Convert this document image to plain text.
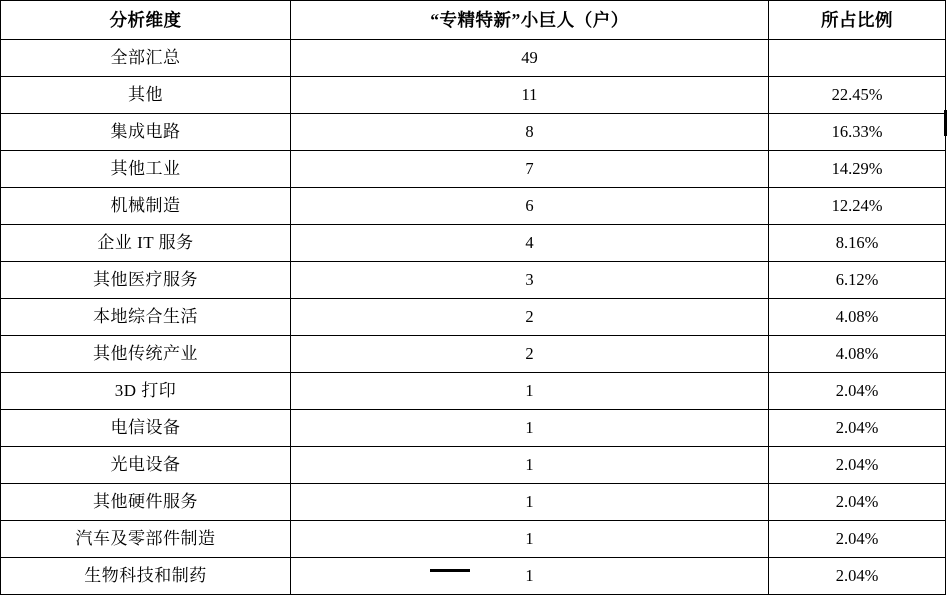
分析维度	“专精特新”小巨人（户）	所占比例
全部汇总	49	
其他	11	22.45%
集成电路	8	16.33%
其他工业	7	14.29%
机械制造	6	12.24%
企业 IT 服务	4	8.16%
其他医疗服务	3	6.12%
本地综合生活	2	4.08%
其他传统产业	2	4.08%
3D 打印	1	2.04%
电信设备	1	2.04%
光电设备	1	2.04%
其他硬件服务	1	2.04%
汽车及零部件制造	1	2.04%
生物科技和制药	1	2.04%
